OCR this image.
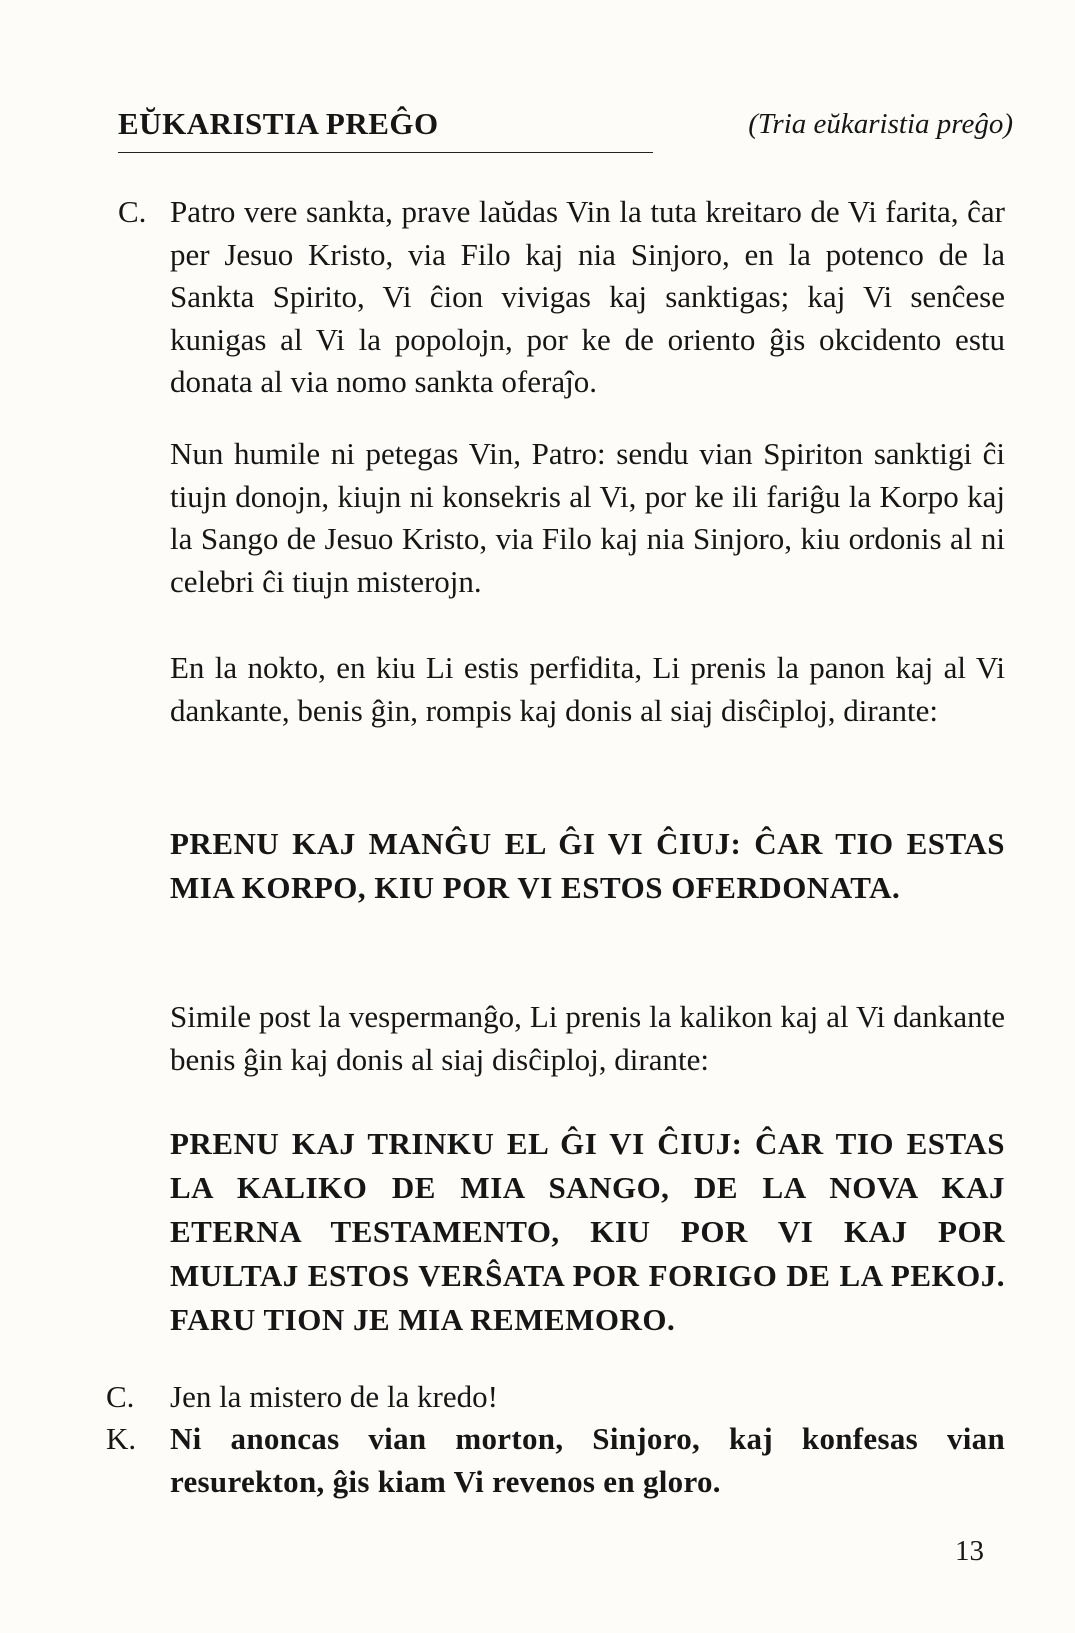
EŬKARISTIA PREĜO	(Tria eŭkaristia preĝo)
C. Patro vere sankta, prave laŭdas Vin la tuta kreitaro de Vi farita, ĉar per Jesuo Kristo, via Filo kaj nia Sinjoro, en la potenco de la Sankta Spirito, Vi ĉion vivigas kaj sanktigas; kaj Vi senĉese kunigas al Vi la popolojn, por ke de oriento ĝis okcidento estu donata al via nomo sankta oferaĵo.
Nun humile ni petegas Vin, Patro: sendu vian Spiriton sanktigi ĉi tiujn donojn, kiujn ni konsekris al Vi, por ke ili fariĝu la Korpo kaj la Sango de Jesuo Kristo, via Filo kaj nia Sinjoro, kiu ordonis al ni celebri ĉi tiujn misterojn.
En la nokto, en kiu Li estis perfidita, Li prenis la panon kaj al Vi dankante, benis ĝin, rompis kaj donis al siaj disĉiploj, dirante:
PRENU KAJ MANĜU EL ĜI VI ĈIUJ: ĈAR TIO ESTAS MIA KORPO, KIU POR VI ESTOS OFERDONATA.
Simile post la vespermanĝo, Li prenis la kalikon kaj al Vi dankante benis ĝin kaj donis al siaj disĉiploj, dirante:
PRENU KAJ TRINKU EL ĜI VI ĈIUJ: ĈAR TIO ESTAS LA KALIKO DE MIA SANGO, DE LA NOVA KAJ ETERNA TESTAMENTO, KIU POR VI KAJ POR MULTAJ ESTOS VERŜATA POR FORIGO DE LA PEKOJ. FARU TION JE MIA REMEMORO.
C.	Jen la mistero de la kredo!
K.	Ni anoncas vian morton, Sinjoro, kaj konfesas vian resurekton, ĝis kiam Vi revenos en gloro.
13
